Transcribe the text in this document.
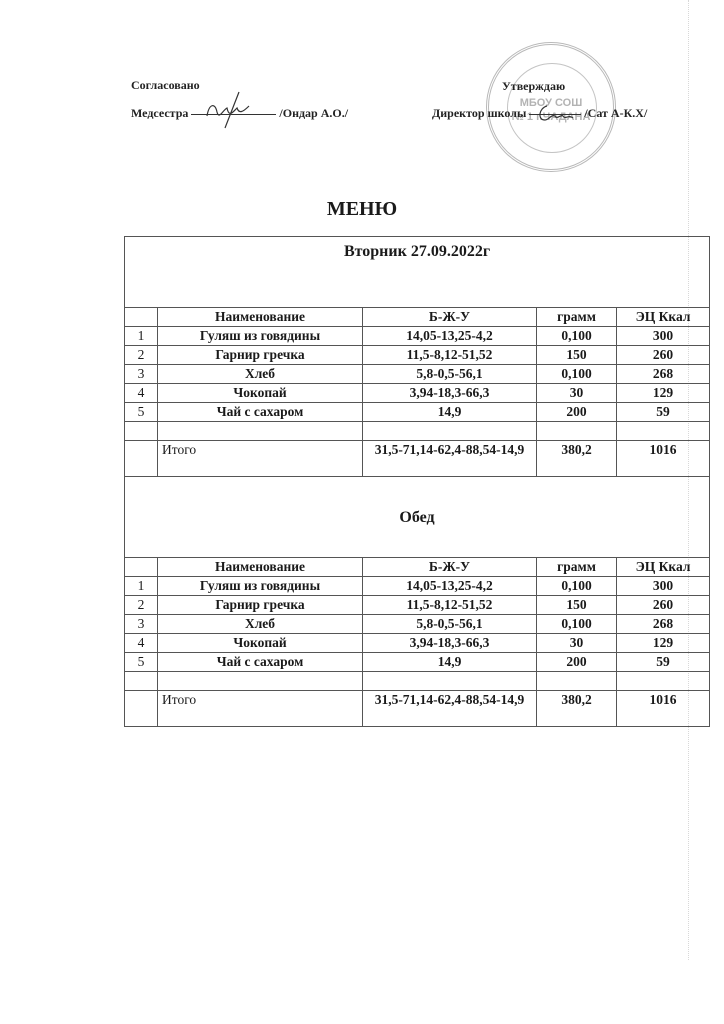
Согласовано
Медсестра	/Ондар А.О./
МБОУ СОШ
№ 1 г.ЧАДАНА
Утверждаю
Директор школы	/Сат А-К.Х/
МЕНЮ
Вторник 27.09.2022г				
	Наименование	Б-Ж-У	грамм	ЭЦ Ккал
1	Гуляш из говядины	14,05-13,25-4,2	0,100	300
2	Гарнир гречка	11,5-8,12-51,52	150	260
3	Хлеб	5,8-0,5-56,1	0,100	268
4	Чокопай	3,94-18,3-66,3	30	129
5	Чай с сахаром	14,9	200	59

	Итого	31,5-71,14-62,4-88,54-14,9	380,2	1016
Обед				
	Наименование	Б-Ж-У	грамм	ЭЦ Ккал
1	Гуляш из говядины	14,05-13,25-4,2	0,100	300
2	Гарнир гречка	11,5-8,12-51,52	150	260
3	Хлеб	5,8-0,5-56,1	0,100	268
4	Чокопай	3,94-18,3-66,3	30	129
5	Чай с сахаром	14,9	200	59

	Итого	31,5-71,14-62,4-88,54-14,9	380,2	1016
